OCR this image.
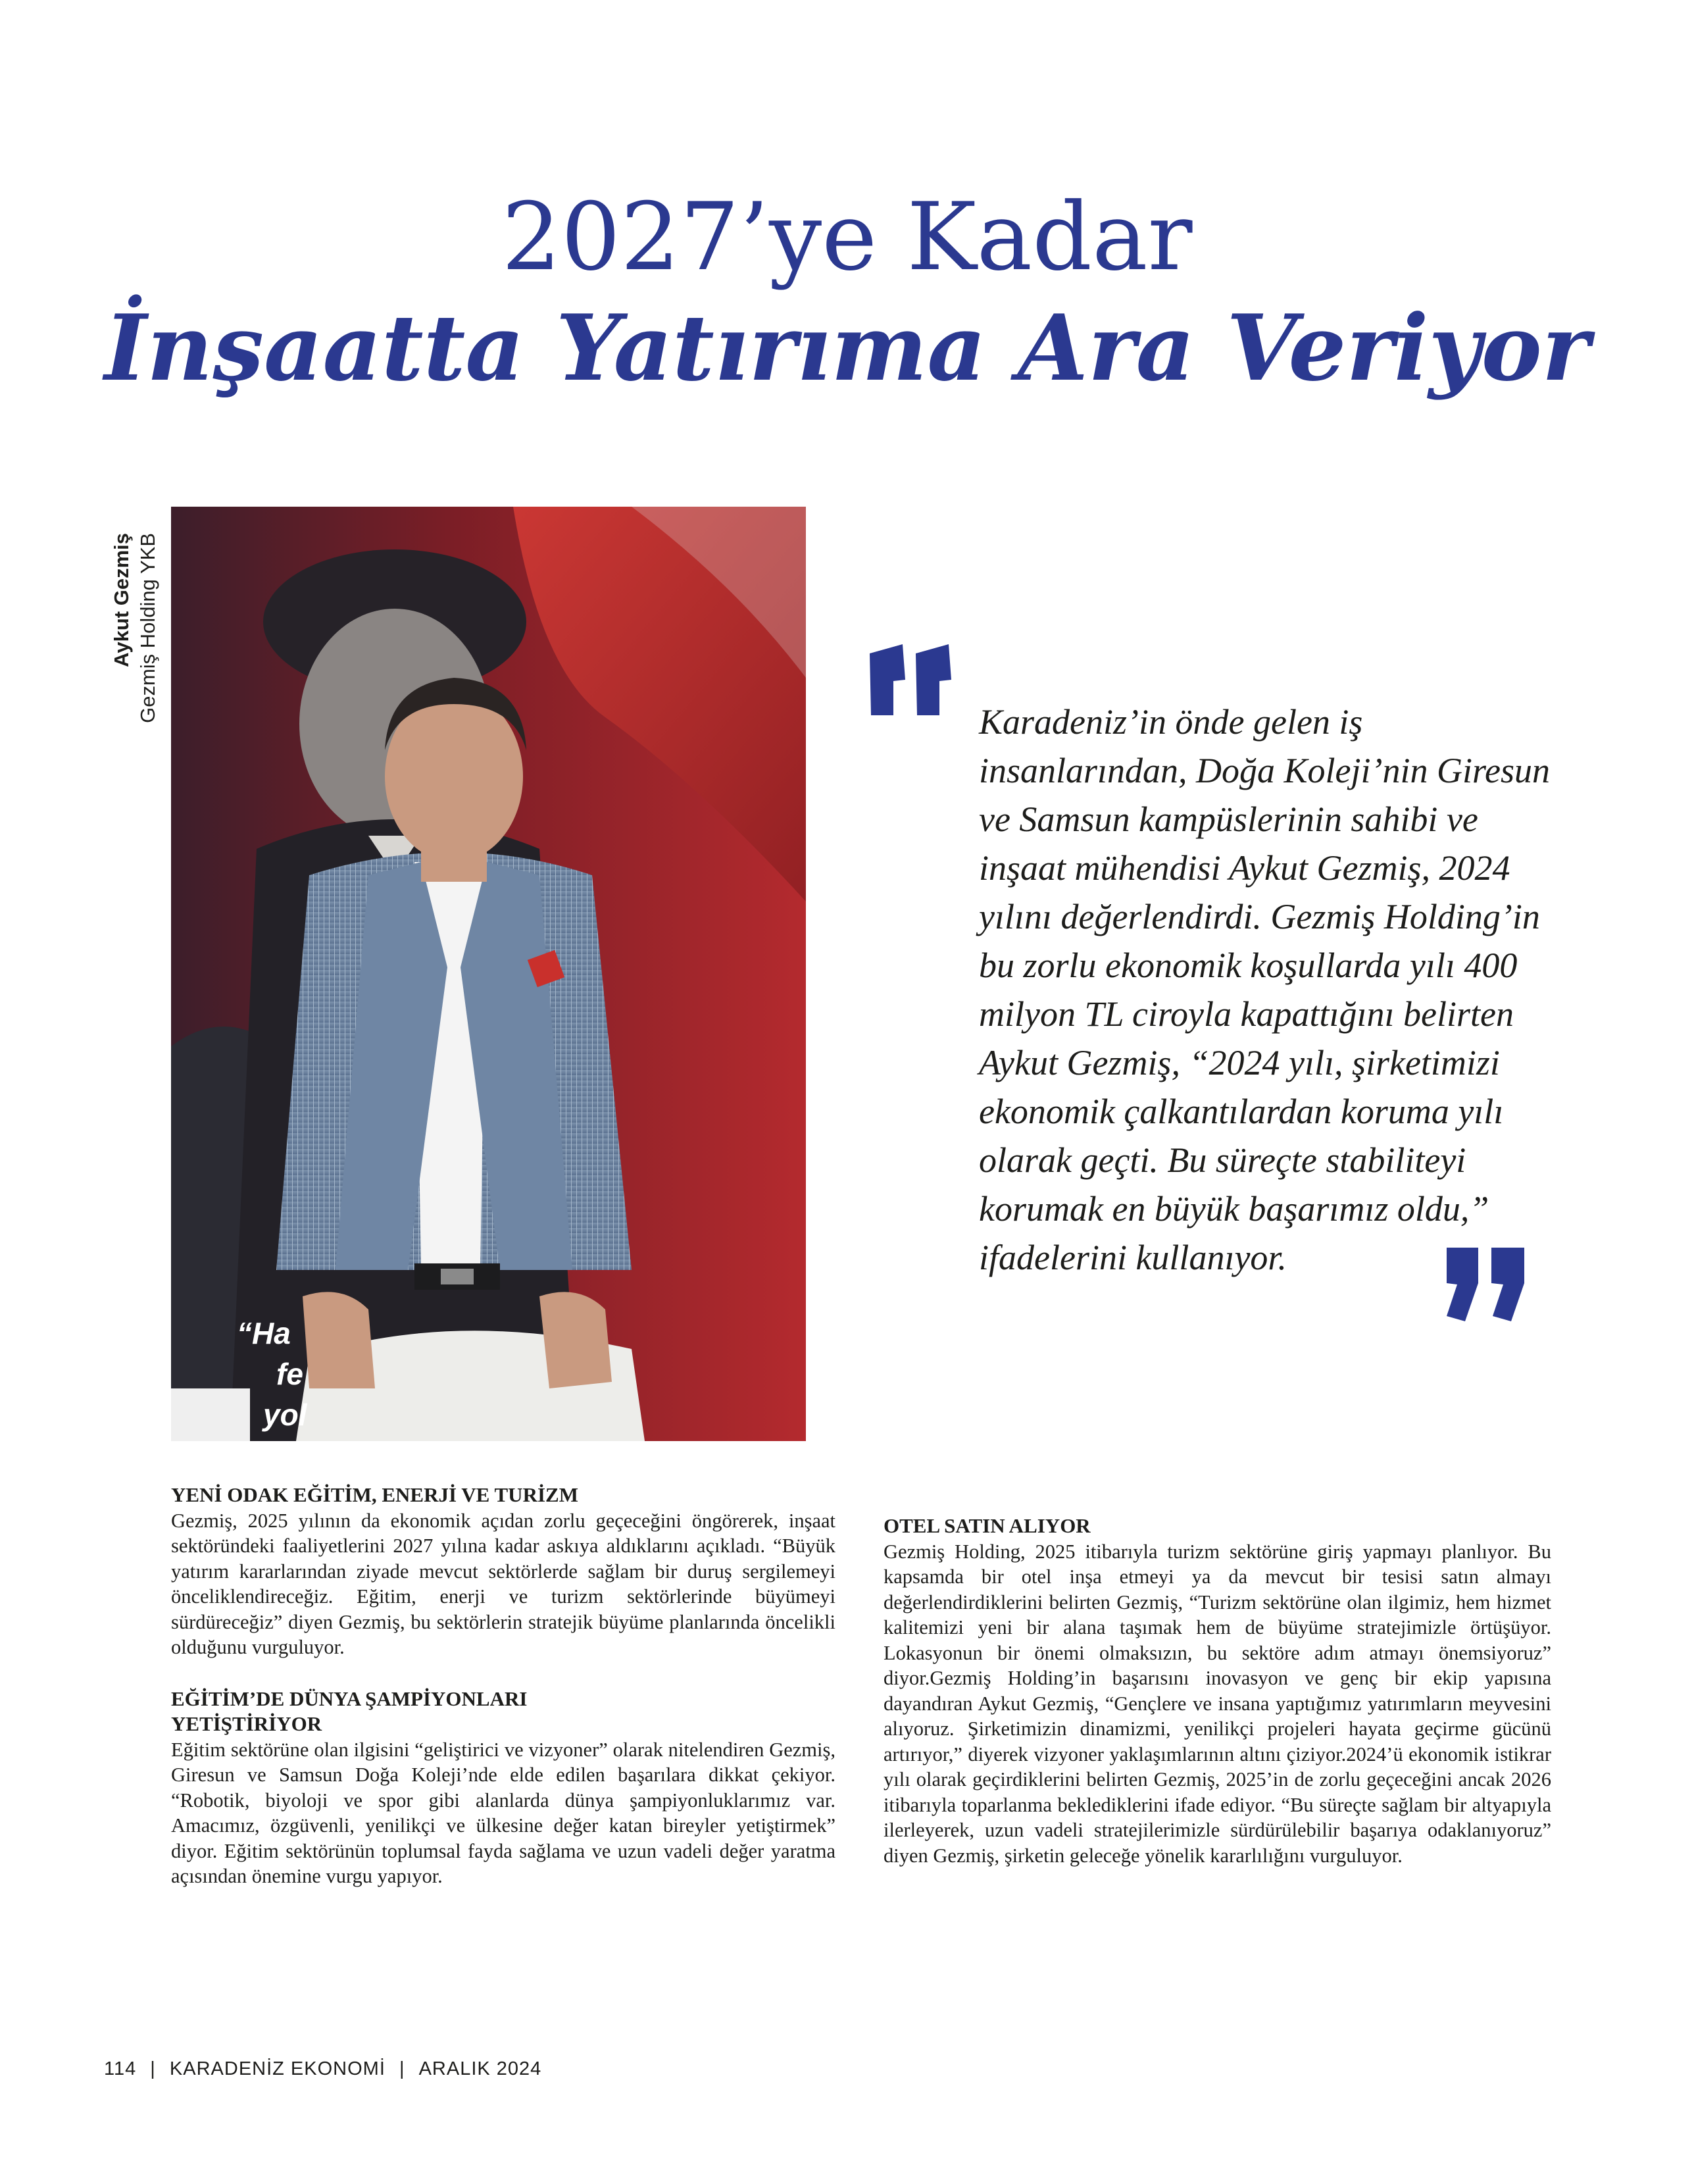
2027’ye Kadar
İnşaatta Yatırıma Ara Veriyor
Aykut Gezmiş Gezmiş Holding YKB
“Ha
fe
yol
Karadeniz’in önde gelen iş insanlarından, Doğa Koleji’nin Giresun ve Samsun kampüslerinin sahibi ve inşaat mühendisi Aykut Gezmiş, 2024 yılını değerlendirdi. Gezmiş Holding’in bu zorlu ekonomik koşullarda yılı 400 milyon TL ciroyla kapattığını belirten Aykut Gezmiş, “2024 yılı, şirketimizi ekonomik çalkantılardan koruma yılı olarak geçti. Bu süreçte stabiliteyi korumak en büyük başarımız oldu,” ifadelerini kullanıyor.
YENİ ODAK EĞİTİM, ENERJİ VE TURİZM

Gezmiş, 2025 yılının da ekonomik açıdan zorlu geçeceğini öngörerek, inşaat sektöründeki faaliyetlerini 2027 yılına kadar askıya aldıklarını açıkladı. “Büyük yatırım kararlarından ziyade mevcut sektörlerde sağlam bir duruş sergilemeyi önceliklendireceğiz. Eğitim, enerji ve turizm sektörlerinde büyümeyi sürdüreceğiz” diyen Gezmiş, bu sektörlerin stratejik büyüme planlarında öncelikli olduğunu vurguluyor.

EĞİTİM’DE DÜNYA ŞAMPİYONLARI
YETİŞTİRİYOR

Eğitim sektörüne olan ilgisini “geliştirici ve vizyoner” olarak nitelendiren Gezmiş, Giresun ve Samsun Doğa Koleji’nde elde edilen başarılara dikkat çekiyor. “Robotik, biyoloji ve spor gibi alanlarda dünya şampiyonluklarımız var. Amacımız, özgüvenli, yenilikçi ve ülkesine değer katan bireyler yetiştirmek” diyor. Eğitim sektörünün toplumsal fayda sağlama ve uzun vadeli değer yaratma açısından önemine vurgu yapıyor.

OTEL SATIN ALIYOR

Gezmiş Holding, 2025 itibarıyla turizm sektörüne giriş yapmayı planlıyor. Bu kapsamda bir otel inşa etmeyi ya da mevcut bir tesisi satın almayı değerlendirdiklerini belirten Gezmiş, “Turizm sektörüne olan ilgimiz, hem hizmet kalitemizi yeni bir alana taşımak hem de büyüme stratejimizle örtüşüyor. Lokasyonun bir önemi olmaksızın, bu sektöre adım atmayı önemsiyoruz” diyor.Gezmiş Holding’in başarısını inovasyon ve genç bir ekip yapısına dayandıran Aykut Gezmiş, “Gençlere ve insana yaptığımız yatırımların meyvesini alıyoruz. Şirketimizin dinamizmi, yenilikçi projeleri hayata geçirme gücünü artırıyor,” diyerek vizyoner yaklaşımlarının altını çiziyor.2024’ü ekonomik istikrar yılı olarak geçirdiklerini belirten Gezmiş, 2025’in de zorlu geçeceğini ancak 2026 itibarıyla toparlanma beklediklerini ifade ediyor. “Bu süreçte sağlam bir altyapıyla ilerleyerek, uzun vadeli stratejilerimizle sürdürülebilir başarıya odaklanıyoruz” diyen Gezmiş, şirketin geleceğe yönelik kararlılığını vurguluyor.

114 | KARADENİZ EKONOMİ | ARALIK 2024
